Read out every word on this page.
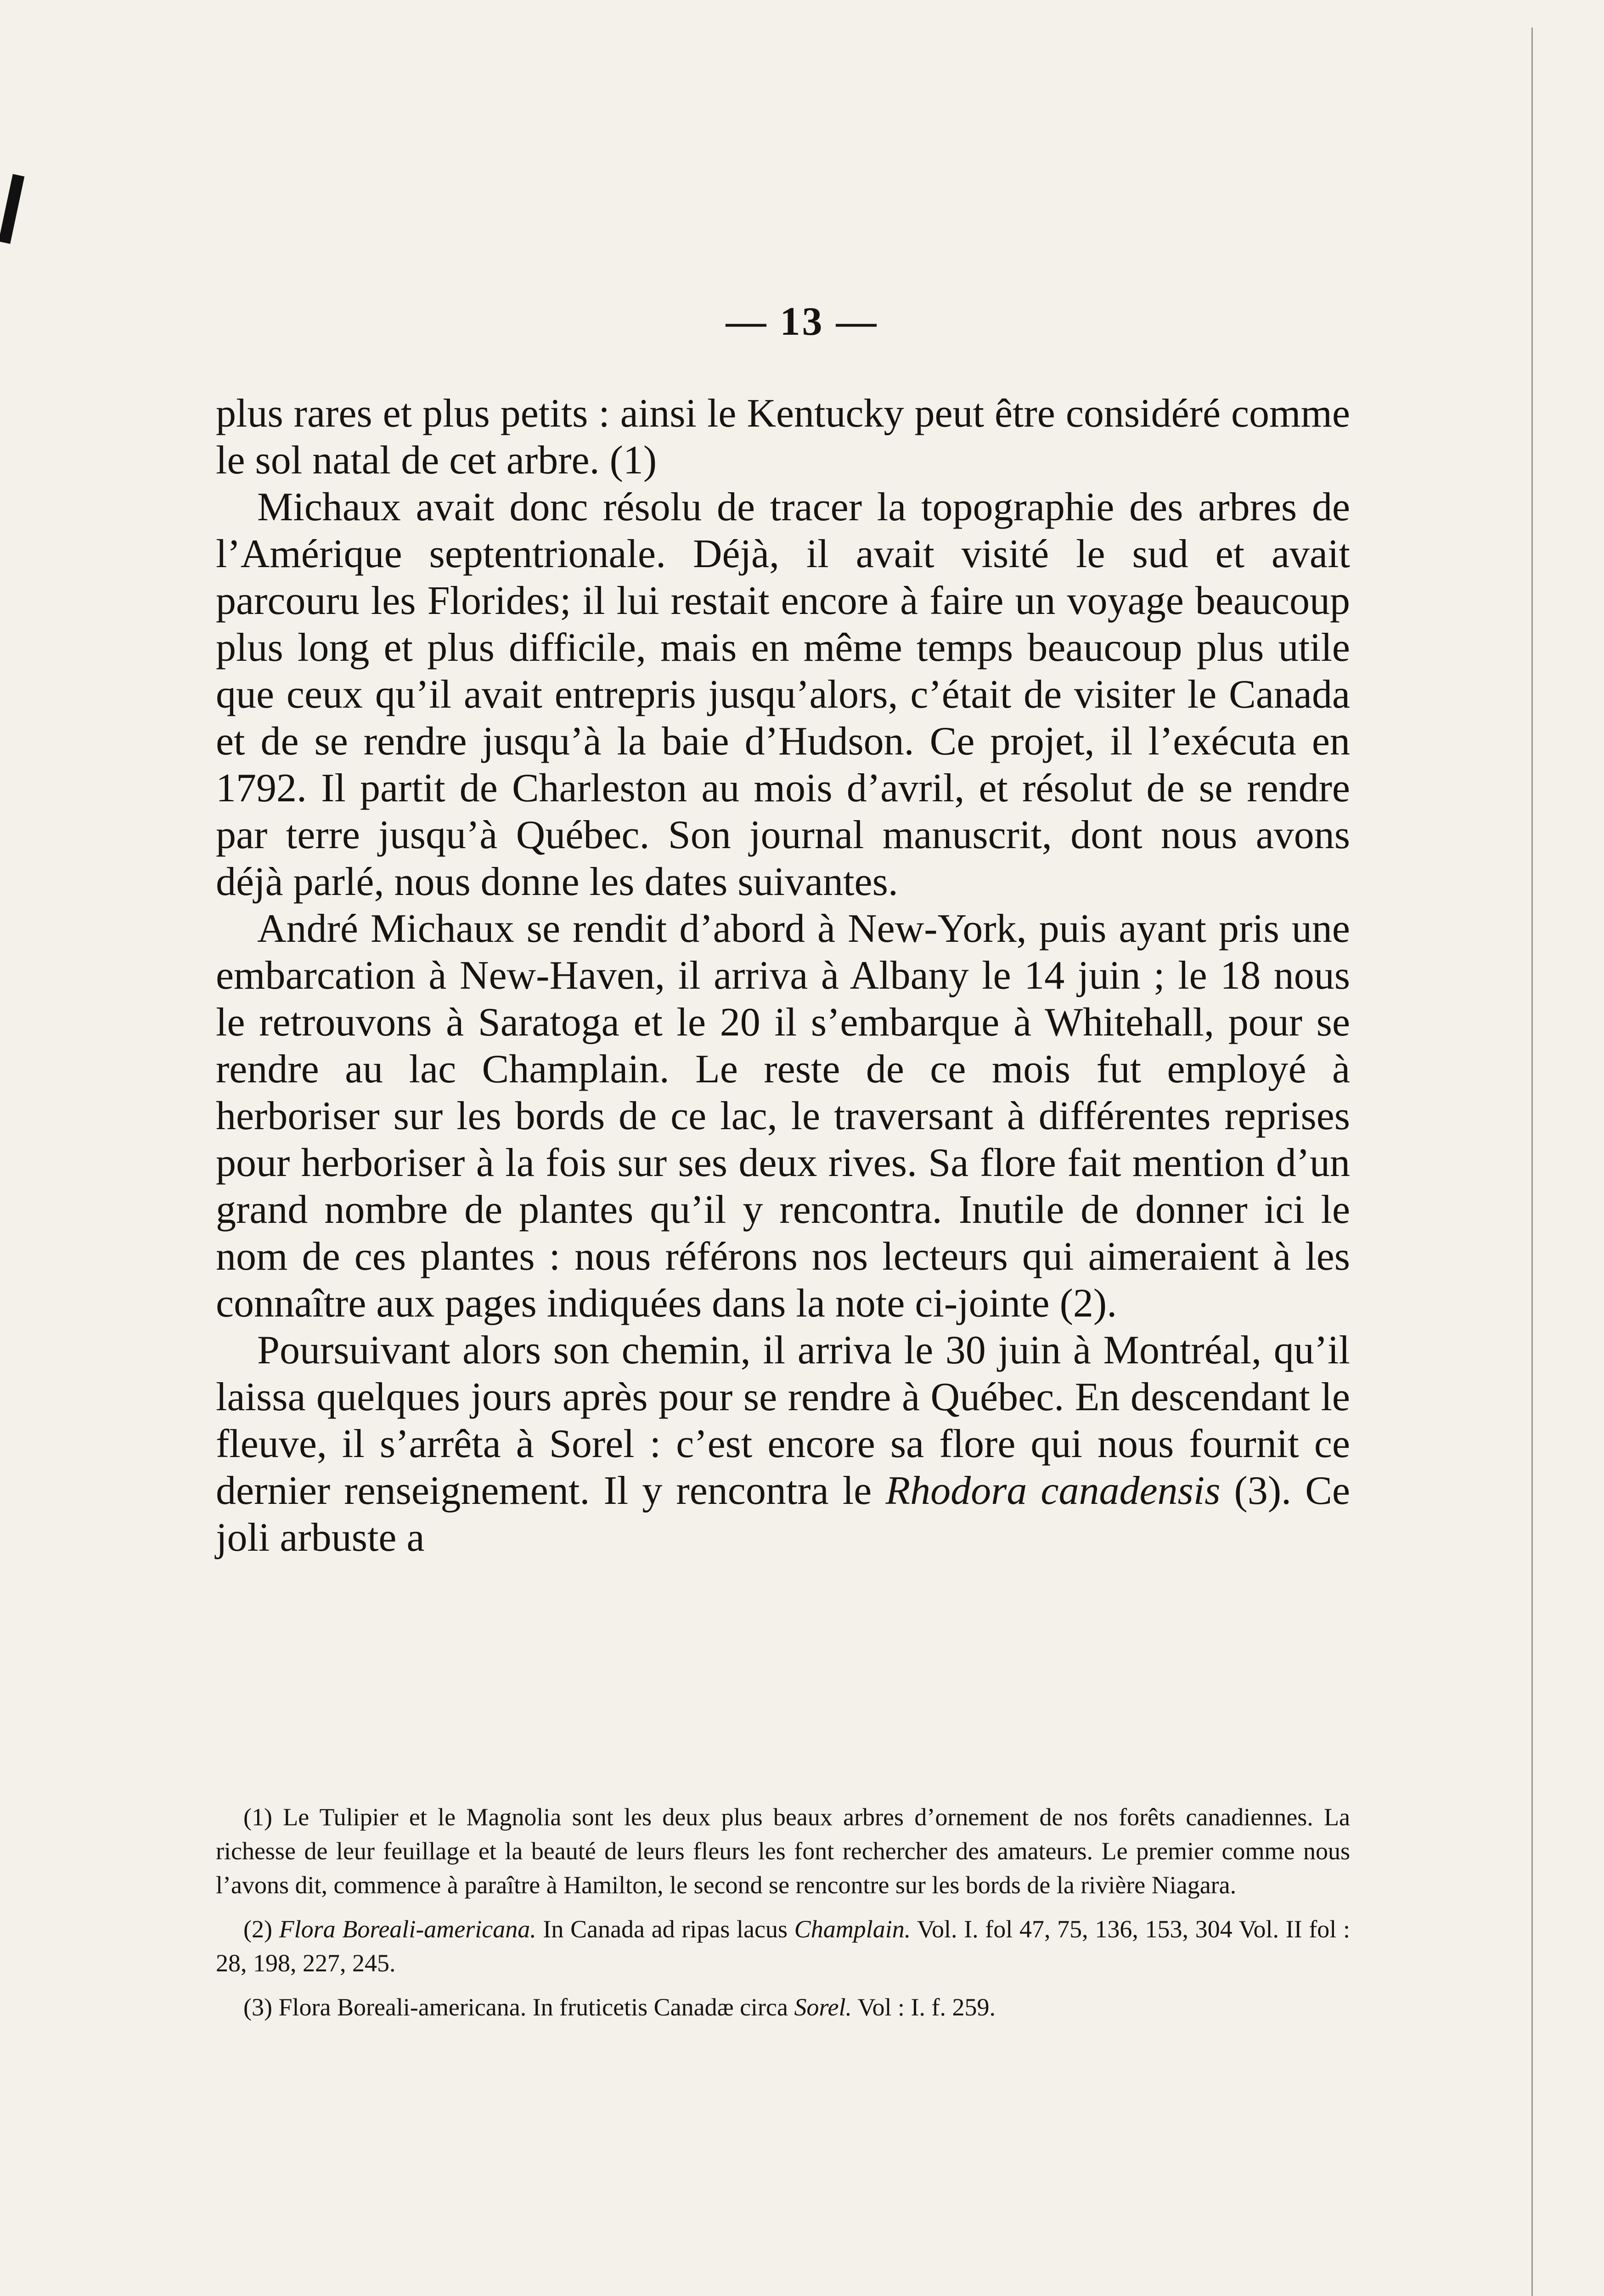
— 13 —

plus rares et plus petits : ainsi le Kentucky peut être considéré comme le sol natal de cet arbre. (1)

Michaux avait donc résolu de tracer la topographie des arbres de l’Amérique septentrionale. Déjà, il avait visité le sud et avait parcouru les Florides; il lui restait encore à faire un voyage beaucoup plus long et plus difficile, mais en même temps beaucoup plus utile que ceux qu’il avait entrepris jusqu’alors, c’était de visiter le Canada et de se rendre jusqu’à la baie d’Hudson. Ce projet, il l’exécuta en 1792. Il partit de Charleston au mois d’avril, et résolut de se rendre par terre jusqu’à Québec. Son journal manuscrit, dont nous avons déjà parlé, nous donne les dates suivantes.

André Michaux se rendit d’abord à New-York, puis ayant pris une embarcation à New-Haven, il arriva à Albany le 14 juin ; le 18 nous le retrouvons à Saratoga et le 20 il s’embarque à Whitehall, pour se rendre au lac Champlain. Le reste de ce mois fut employé à herboriser sur les bords de ce lac, le traversant à différentes reprises pour herboriser à la fois sur ses deux rives. Sa flore fait mention d’un grand nombre de plantes qu’il y rencontra. Inutile de donner ici le nom de ces plantes : nous référons nos lecteurs qui aimeraient à les connaître aux pages indiquées dans la note ci-jointe (2).

Poursuivant alors son chemin, il arriva le 30 juin à Montréal, qu’il laissa quelques jours après pour se rendre à Québec. En descendant le fleuve, il s’arrêta à Sorel : c’est encore sa flore qui nous fournit ce dernier renseignement. Il y rencontra le Rhodora canadensis (3). Ce joli arbuste a

(1) Le Tulipier et le Magnolia sont les deux plus beaux arbres d’ornement de nos forêts canadiennes. La richesse de leur feuillage et la beauté de leurs fleurs les font rechercher des amateurs. Le premier comme nous l’avons dit, commence à paraître à Hamilton, le second se rencontre sur les bords de la rivière Niagara.

(2) Flora Boreali-americana. In Canada ad ripas lacus Champlain. Vol. I. fol 47, 75, 136, 153, 304 Vol. II fol : 28, 198, 227, 245.

(3) Flora Boreali-americana. In fruticetis Canadæ circa Sorel. Vol : I. f. 259.
